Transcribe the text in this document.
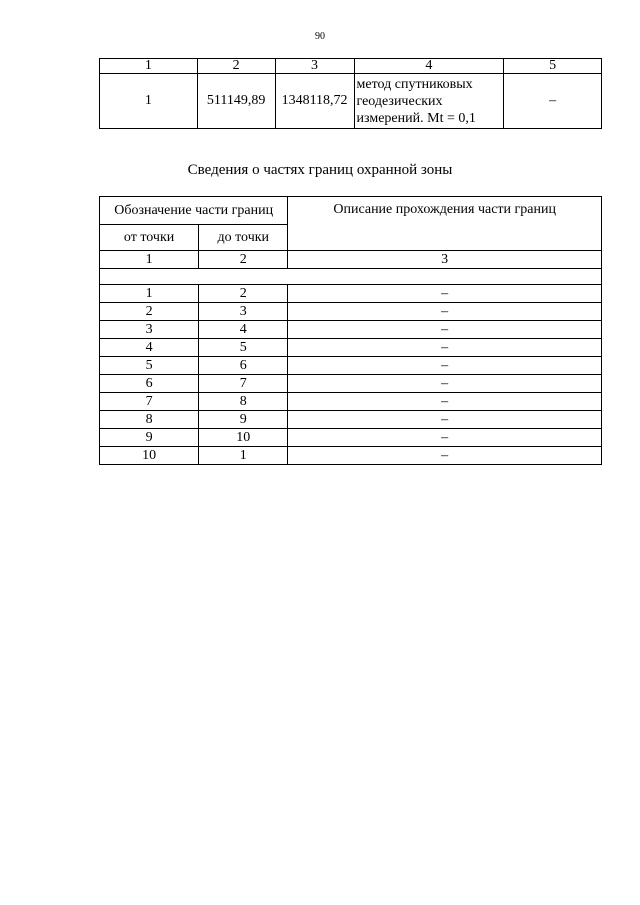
90
1	2	3	4	5
1	511149,89	1348118,72	метод спутниковых геодезических измерений. Mt = 0,1	–
Сведения о частях границ охранной зоны
Обозначение части границ		Описание прохождения части границ
от точки	до точки	
1	2	3

1	2	–
2	3	–
3	4	–
4	5	–
5	6	–
6	7	–
7	8	–
8	9	–
9	10	–
10	1	–
